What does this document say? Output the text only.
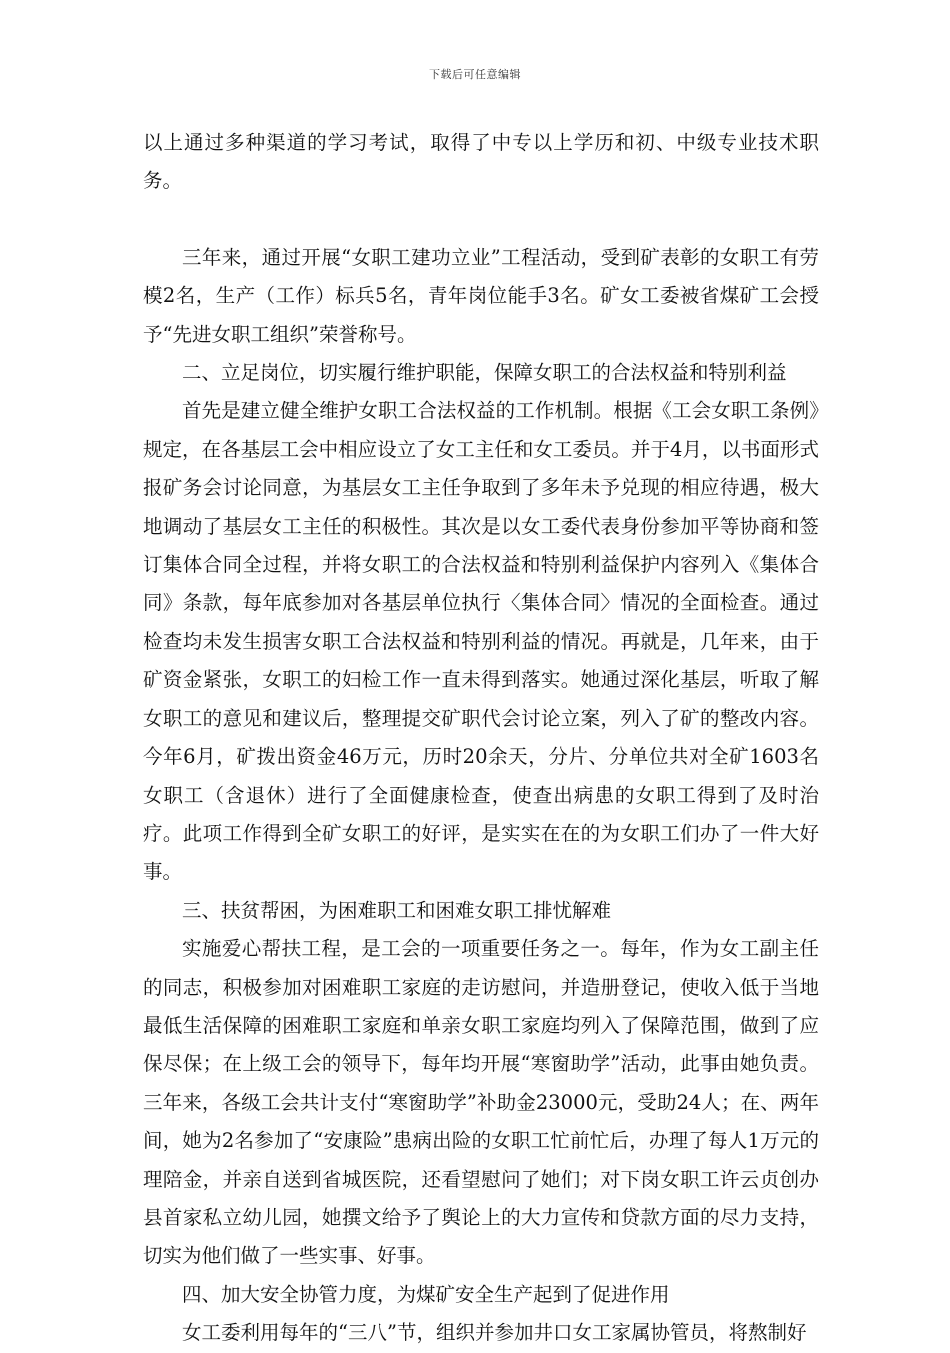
下载后可任意编辑

以上通过多种渠道的学习考试，取得了中专以上学历和初、中级专业技术职务。

三年来，通过开展“女职工建功立业”工程活动，受到矿表彰的女职工有劳模2名，生产（工作）标兵5名，青年岗位能手3名。矿女工委被省煤矿工会授予“先进女职工组织”荣誉称号。

二、立足岗位，切实履行维护职能，保障女职工的合法权益和特别利益

首先是建立健全维护女职工合法权益的工作机制。根据《工会女职工条例》规定，在各基层工会中相应设立了女工主任和女工委员。并于4月，以书面形式报矿务会讨论同意，为基层女工主任争取到了多年未予兑现的相应待遇，极大地调动了基层女工主任的积极性。其次是以女工委代表身份参加平等协商和签订集体合同全过程，并将女职工的合法权益和特别利益保护内容列入《集体合同》条款，每年底参加对各基层单位执行〈集体合同〉情况的全面检查。通过检查均未发生损害女职工合法权益和特别利益的情况。再就是，几年来，由于矿资金紧张，女职工的妇检工作一直未得到落实。她通过深化基层，听取了解女职工的意见和建议后，整理提交矿职代会讨论立案，列入了矿的整改内容。今年6月，矿拨出资金46万元，历时20余天，分片、分单位共对全矿1603名女职工（含退休）进行了全面健康检查，使查出病患的女职工得到了及时治疗。此项工作得到全矿女职工的好评，是实实在在的为女职工们办了一件大好事。

三、扶贫帮困，为困难职工和困难女职工排忧解难

实施爱心帮扶工程，是工会的一项重要任务之一。每年，作为女工副主任的同志，积极参加对困难职工家庭的走访慰问，并造册登记，使收入低于当地最低生活保障的困难职工家庭和单亲女职工家庭均列入了保障范围，做到了应保尽保；在上级工会的领导下，每年均开展“寒窗助学”活动，此事由她负责。三年来，各级工会共计支付“寒窗助学”补助金23000元，受助24人；在、两年间，她为2名参加了“安康险”患病出险的女职工忙前忙后，办理了每人1万元的理陪金，并亲自送到省城医院，还看望慰问了她们；对下岗女职工许云贞创办县首家私立幼儿园，她撰文给予了舆论上的大力宣传和贷款方面的尽力支持，切实为他们做了一些实事、好事。

四、加大安全协管力度，为煤矿安全生产起到了促进作用

女工委利用每年的“三八”节，组织并参加井口女工家属协管员，将熬制好
